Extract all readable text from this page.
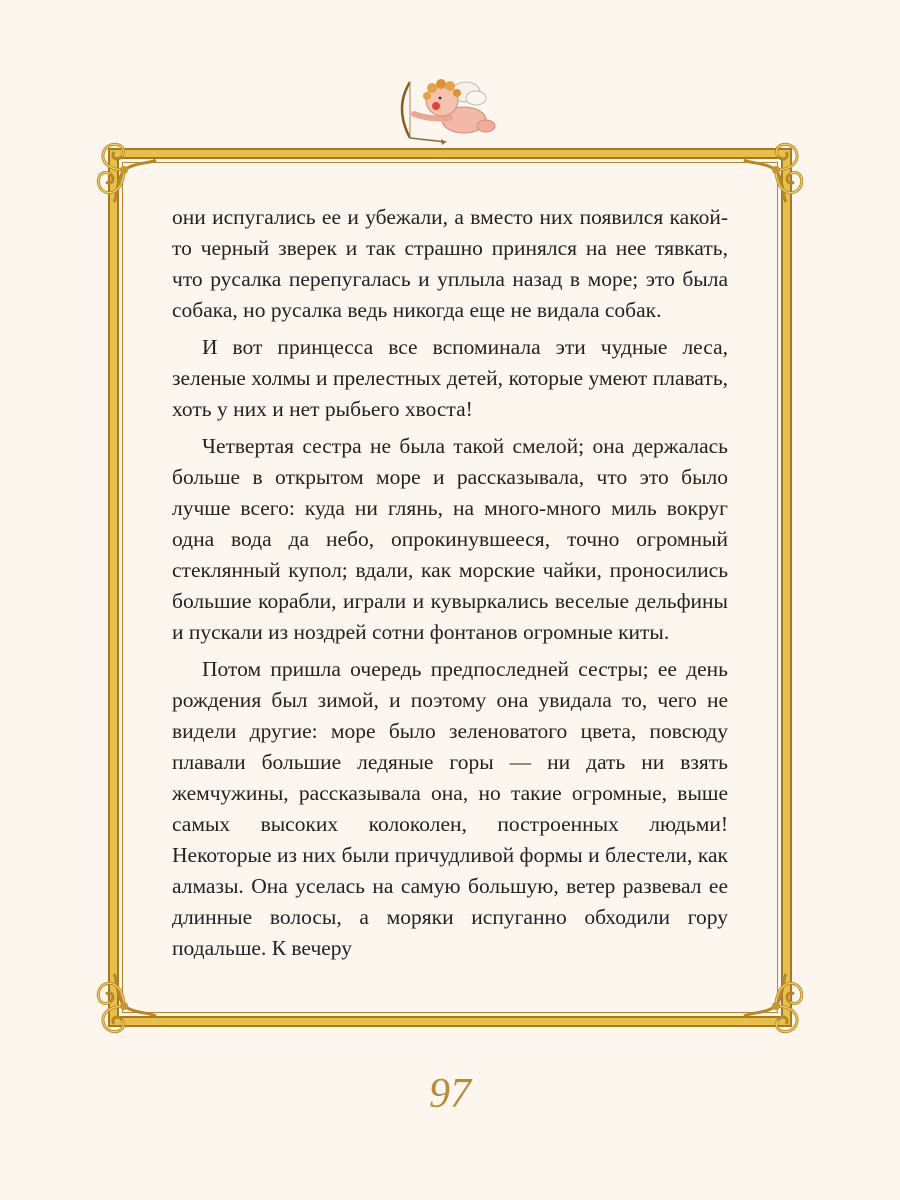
они испугались ее и убежали, а вместо них появился какой-то черный зверек и так страшно принялся на нее тявкать, что русалка перепугалась и уплыла назад в море; это была собака, но русалка ведь никогда еще не видала собак.

И вот принцесса все вспоминала эти чудные леса, зеленые холмы и прелестных детей, которые умеют плавать, хоть у них и нет рыбьего хвоста!

Четвертая сестра не была такой смелой; она держалась больше в открытом море и рассказывала, что это было лучше всего: куда ни глянь, на много-много миль вокруг одна вода да небо, опрокинувшееся, точно огромный стеклянный купол; вдали, как морские чайки, проносились большие корабли, играли и кувыркались веселые дельфины и пускали из ноздрей сотни фонтанов огромные киты.

Потом пришла очередь предпоследней сестры; ее день рождения был зимой, и поэтому она увидала то, чего не видели другие: море было зеленоватого цвета, повсюду плавали большие ледяные горы — ни дать ни взять жемчужины, рассказывала она, но такие огромные, выше самых высоких колоколен, построенных людьми! Некоторые из них были причудливой формы и блестели, как алмазы. Она уселась на самую большую, ветер развевал ее длинные волосы, а моряки испуганно обходили гору подальше. К вечеру

97
